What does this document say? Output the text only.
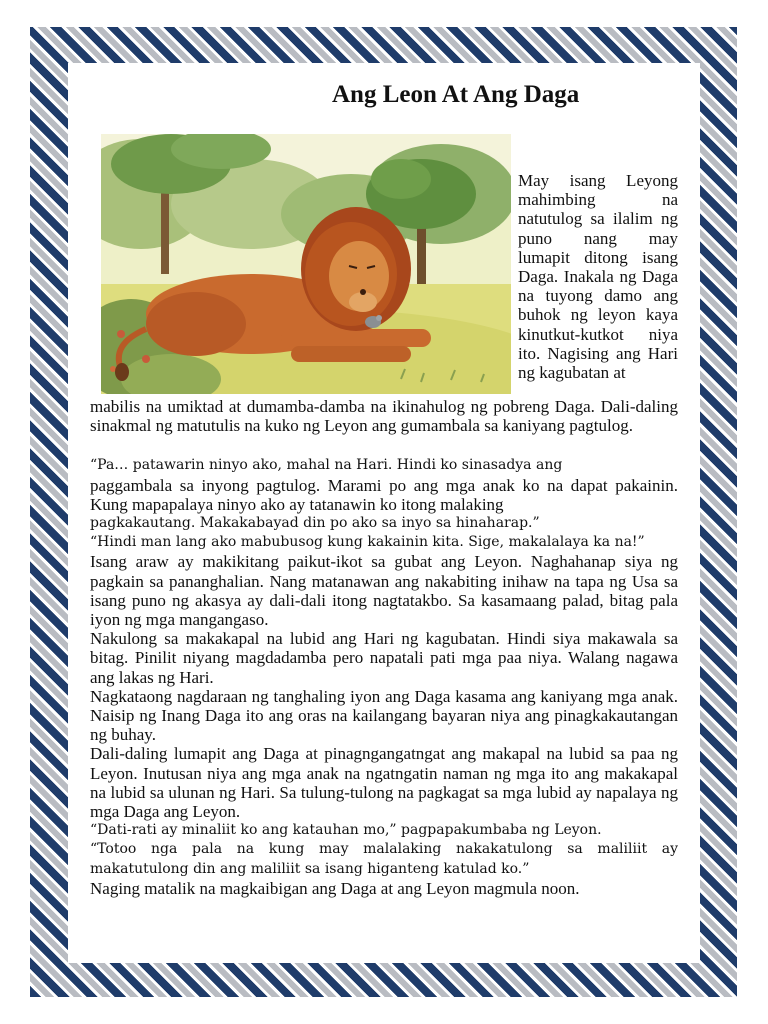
Ang Leon At Ang Daga

May isang Leyong mahimbing na natutulog sa ilalim ng puno nang may lumapit ditong isang Daga. Inakala ng Daga na tuyong damo ang buhok ng leyon kaya kinutkut-kutkot niya ito. Nagising ang Hari ng kagubatan at

mabilis na umiktad at dumamba-damba na ikinahulog ng pobreng Daga. Dali-daling sinakmal ng matutulis na kuko ng Leyon ang gumambala sa kaniyang pagtulog.

“Pa… patawarin ninyo ako, mahal na Hari. Hindi ko sinasadya ang

paggambala sa inyong pagtulog. Marami po ang mga anak ko na dapat pakainin. Kung mapapalaya ninyo ako ay tatanawin ko itong malaking

pagkakautang. Makakabayad din po ako sa inyo sa hinaharap.”

“Hindi man lang ako mabubusog kung kakainin kita. Sige, makalalaya ka na!”

Isang araw ay makikitang paikut-ikot sa gubat ang Leyon. Naghahanap siya ng pagkain sa pananghalian. Nang matanawan ang nakabiting inihaw na tapa ng Usa sa isang puno ng akasya ay dali-dali itong nagtatakbo. Sa kasamaang palad, bitag pala iyon ng mga mangangaso.

Nakulong sa makakapal na lubid ang Hari ng kagubatan. Hindi siya makawala sa bitag. Pinilit niyang magdadamba pero napatali pati mga paa niya. Walang nagawa ang lakas ng Hari.

Nagkataong nagdaraan ng tanghaling iyon ang Daga kasama ang kaniyang mga anak. Naisip ng Inang Daga ito ang oras na kailangang bayaran niya ang pinagkakautangan ng buhay.

Dali-daling lumapit ang Daga at pinagngangatngat ang makapal na lubid sa paa ng Leyon. Inutusan niya ang mga anak na ngatngatin naman ng mga ito ang makakapal na lubid sa ulunan ng Hari. Sa tulung-tulong na pagkagat sa mga lubid ay napalaya ng mga Daga ang Leyon.

“Dati-rati ay minaliit ko ang katauhan mo,” pagpapakumbaba ng Leyon.

“Totoo nga pala na kung may malalaking nakakatulong sa maliliit ay makatutulong din ang maliliit sa isang higanteng katulad ko.”

Naging matalik na magkaibigan ang Daga at ang Leyon magmula noon.
